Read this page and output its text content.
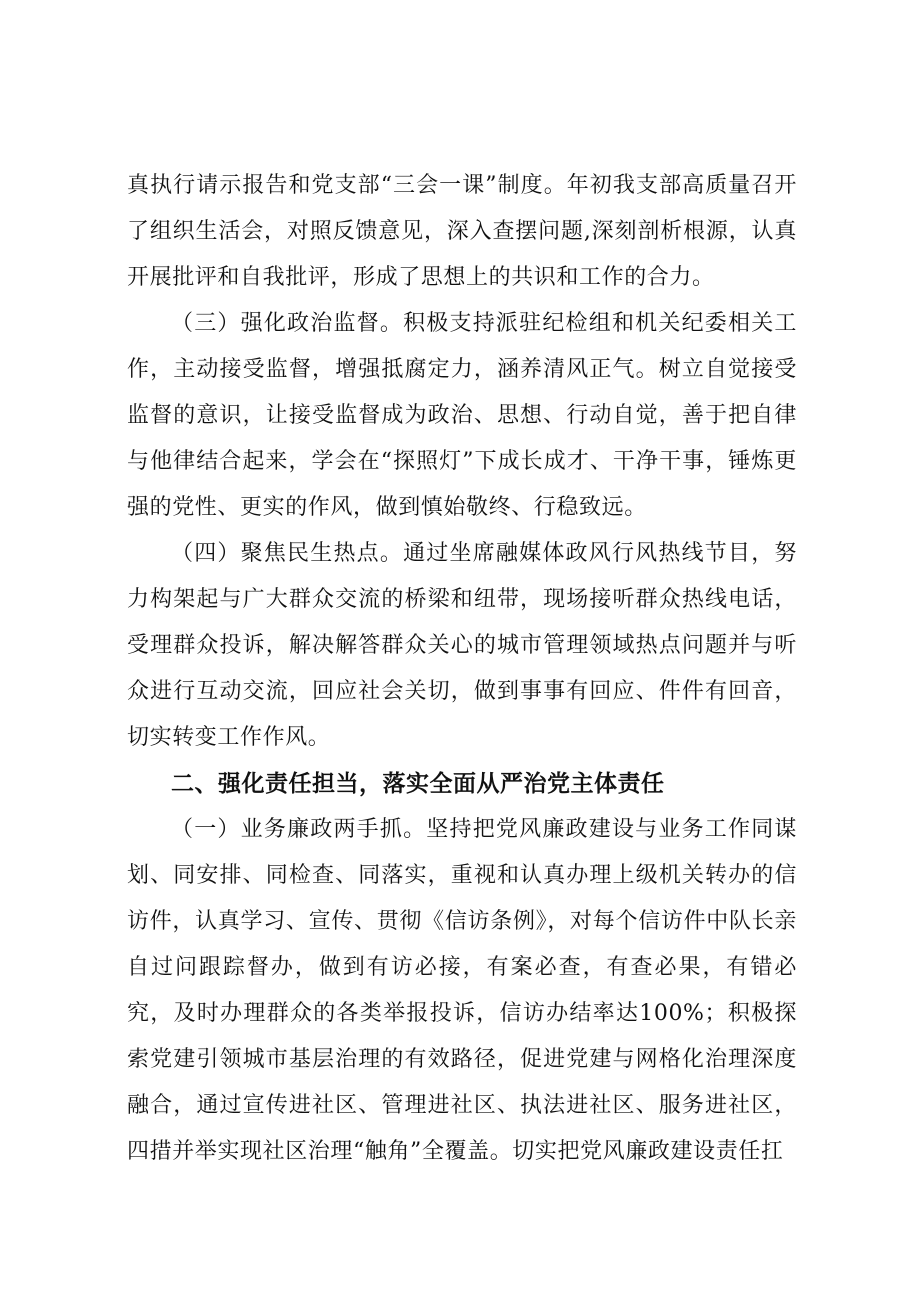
真执行请示报告和党支部“三会一课”制度。年初我支部高质量召开了组织生活会，对照反馈意见，深入查摆问题,深刻剖析根源，认真开展批评和自我批评，形成了思想上的共识和工作的合力。

（三）强化政治监督。积极支持派驻纪检组和机关纪委相关工作，主动接受监督，增强抵腐定力，涵养清风正气。树立自觉接受监督的意识，让接受监督成为政治、思想、行动自觉，善于把自律与他律结合起来，学会在“探照灯”下成长成才、干净干事，锤炼更强的党性、更实的作风，做到慎始敬终、行稳致远。

（四）聚焦民生热点。通过坐席融媒体政风行风热线节目，努力构架起与广大群众交流的桥梁和纽带，现场接听群众热线电话，受理群众投诉，解决解答群众关心的城市管理领域热点问题并与听众进行互动交流，回应社会关切，做到事事有回应、件件有回音，切实转变工作作风。

二、强化责任担当，落实全面从严治党主体责任

（一）业务廉政两手抓。坚持把党风廉政建设与业务工作同谋划、同安排、同检查、同落实，重视和认真办理上级机关转办的信访件，认真学习、宣传、贯彻《信访条例》，对每个信访件中队长亲自过问跟踪督办，做到有访必接，有案必查，有查必果，有错必究，及时办理群众的各类举报投诉，信访办结率达100%；积极探索党建引领城市基层治理的有效路径，促进党建与网格化治理深度融合，通过宣传进社区、管理进社区、执法进社区、服务进社区，四措并举实现社区治理“触角”全覆盖。切实把党风廉政建设责任扛
